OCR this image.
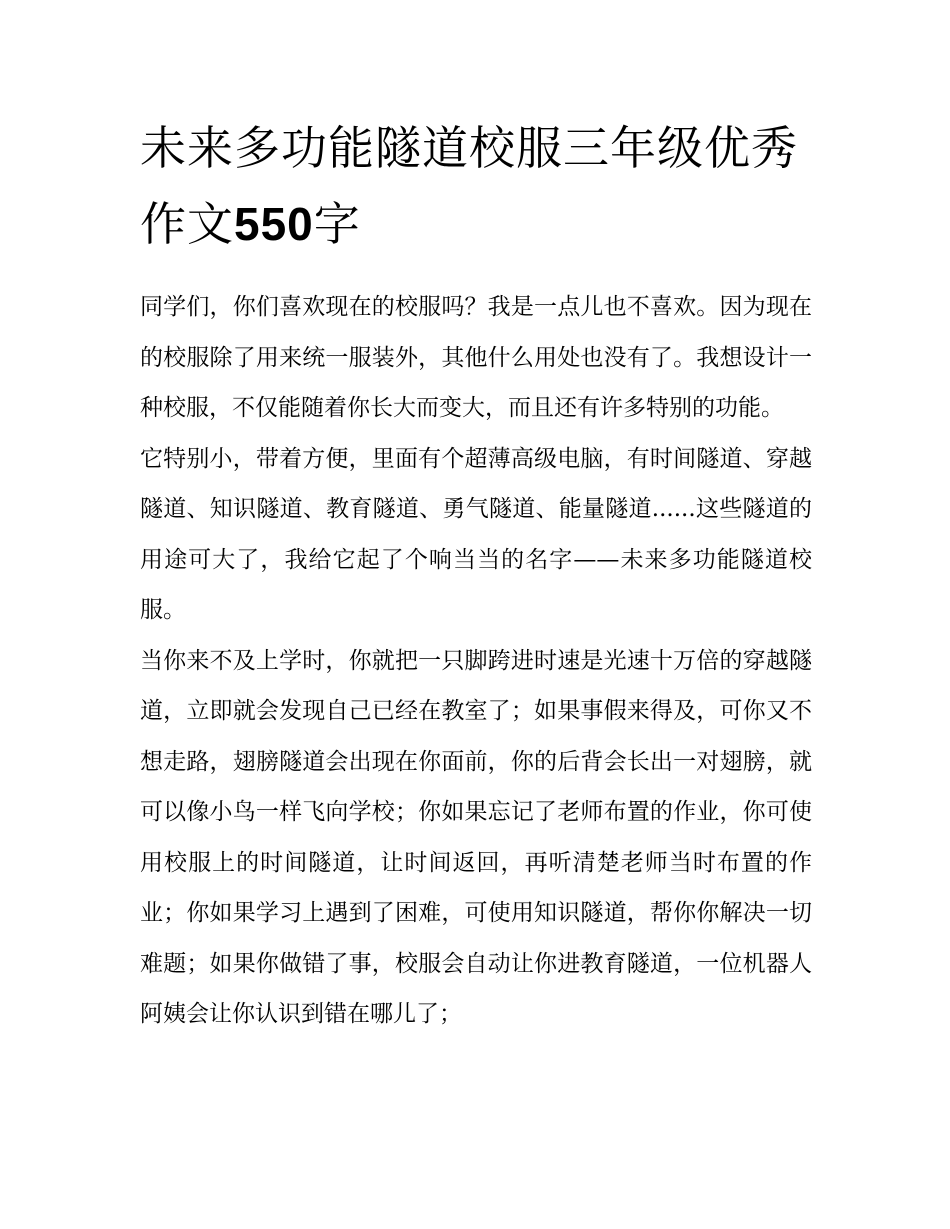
未来多功能隧道校服三年级优秀作文550字

同学们，你们喜欢现在的校服吗？我是一点儿也不喜欢。因为现在的校服除了用来统一服装外，其他什么用处也没有了。我想设计一种校服，不仅能随着你长大而变大，而且还有许多特别的功能。

它特别小，带着方便，里面有个超薄高级电脑，有时间隧道、穿越隧道、知识隧道、教育隧道、勇气隧道、能量隧道......这些隧道的用途可大了，我给它起了个响当当的名字——未来多功能隧道校服。

当你来不及上学时，你就把一只脚跨进时速是光速十万倍的穿越隧道，立即就会发现自己已经在教室了；如果事假来得及，可你又不想走路，翅膀隧道会出现在你面前，你的后背会长出一对翅膀，就可以像小鸟一样飞向学校；你如果忘记了老师布置的作业，你可使用校服上的时间隧道，让时间返回，再听清楚老师当时布置的作业；你如果学习上遇到了困难，可使用知识隧道，帮你你解决一切难题；如果你做错了事，校服会自动让你进教育隧道，一位机器人阿姨会让你认识到错在哪儿了；
